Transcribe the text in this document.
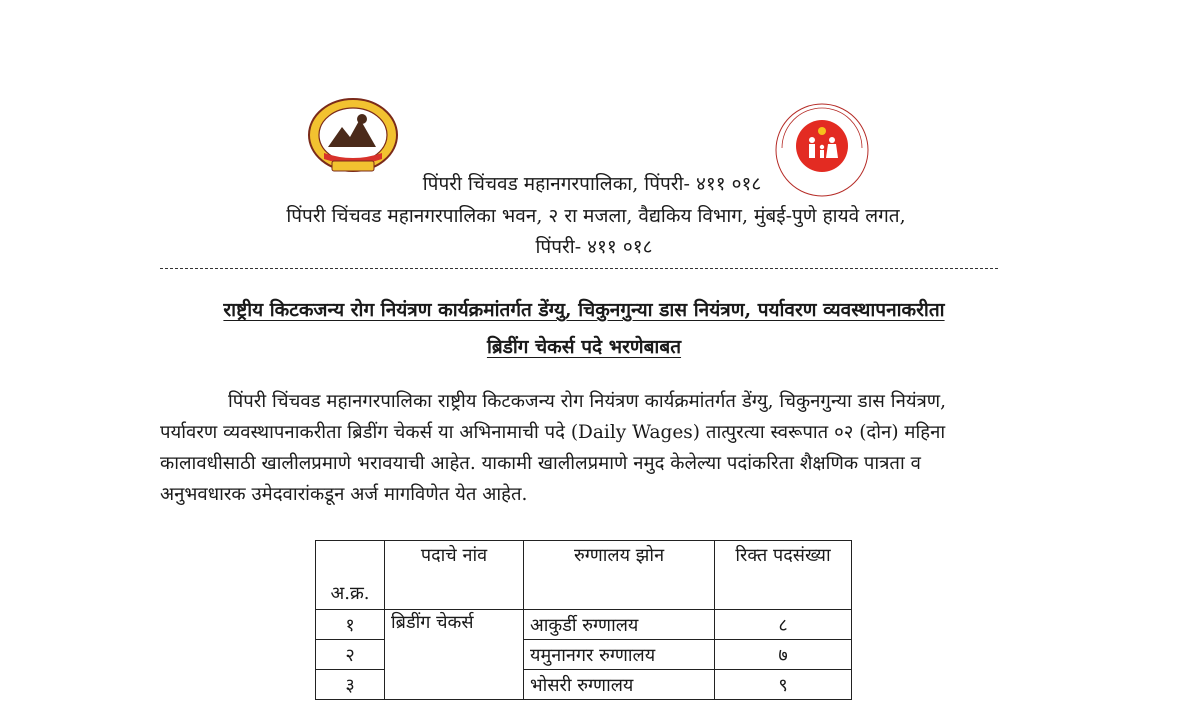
पिंपरी चिंचवड महानगरपालिका, पिंपरी- ४११ ०१८
पिंपरी चिंचवड महानगरपालिका भवन, २ रा मजला, वैद्यकिय विभाग, मुंबई-पुणे हायवे लगत,
पिंपरी- ४११ ०१८
राष्ट्रीय किटकजन्य रोग नियंत्रण कार्यक्रमांतर्गत डेंग्यु, चिकुनगुन्या डास नियंत्रण, पर्यावरण व्यवस्थापनाकरीता
ब्रिडींग चेकर्स पदे भरणेबाबत
पिंपरी चिंचवड महानगरपालिका राष्ट्रीय किटकजन्य रोग नियंत्रण कार्यक्रमांतर्गत डेंग्यु, चिकुनगुन्या डास नियंत्रण,
पर्यावरण व्यवस्थापनाकरीता ब्रिडींग चेकर्स या अभिनामाची पदे (Daily Wages) तात्पुरत्या स्वरूपात ०२ (दोन) महिना
कालावधीसाठी खालीलप्रमाणे भरावयाची आहेत. याकामी खालीलप्रमाणे नमुद केलेल्या पदांकरिता शैक्षणिक पात्रता व
अनुभवधारक उमेदवारांकडून अर्ज मागविणेत येत आहेत.
अ.क्र.	पदाचे नांव	रुग्णालय झोन	रिक्त पदसंख्या
१	ब्रिडींग चेकर्स	आकुर्डी रुग्णालय	८
२		यमुनानगर रुग्णालय	७
३		भोसरी रुग्णालय	९
